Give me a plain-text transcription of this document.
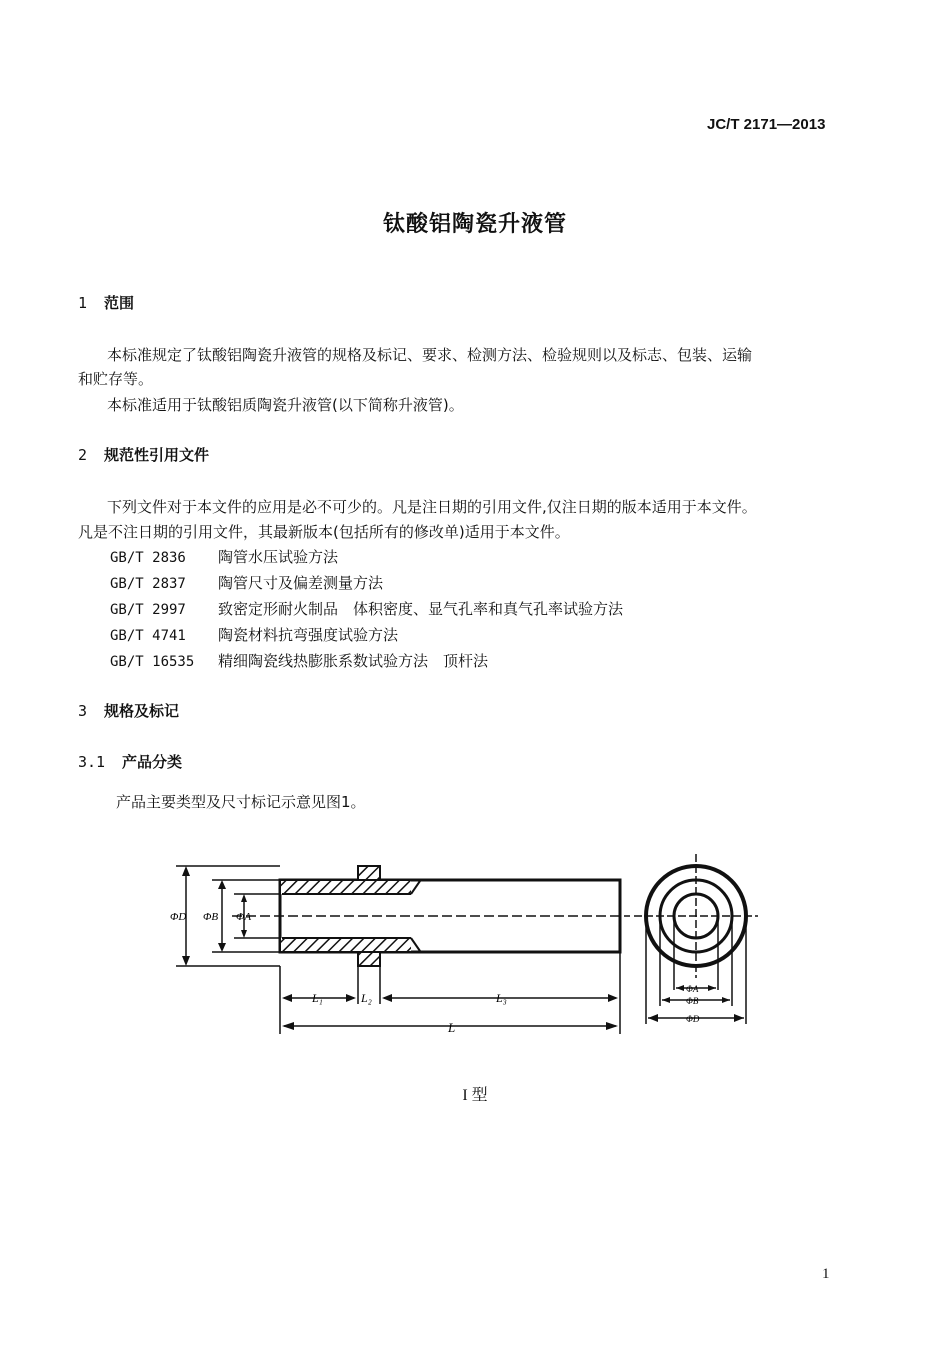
JC/T 2171—2013
钛酸铝陶瓷升液管
1 范围
本标准规定了钛酸铝陶瓷升液管的规格及标记、要求、检测方法、检验规则以及标志、包装、运输
和贮存等。
本标准适用于钛酸铝质陶瓷升液管(以下简称升液管)。
2 规范性引用文件
下列文件对于本文件的应用是必不可少的。凡是注日期的引用文件,仅注日期的版本适用于本文件。
凡是不注日期的引用文件，其最新版本(包括所有的修改单)适用于本文件。
GB/T 2836 陶管水压试验方法
GB/T 2837 陶管尺寸及偏差测量方法
GB/T 2997 致密定形耐火制品　体积密度、显气孔率和真气孔率试验方法
GB/T 4741 陶瓷材料抗弯强度试验方法
GB/T 16535 精细陶瓷线热膨胀系数试验方法　顶杆法
3 规格及标记
3.1 产品分类
产品主要类型及尺寸标记示意见图1。
ΦD ΦB ΦA
L₁	L₂	L₃
L
ΦA
ΦB
ΦD
I 型
1
